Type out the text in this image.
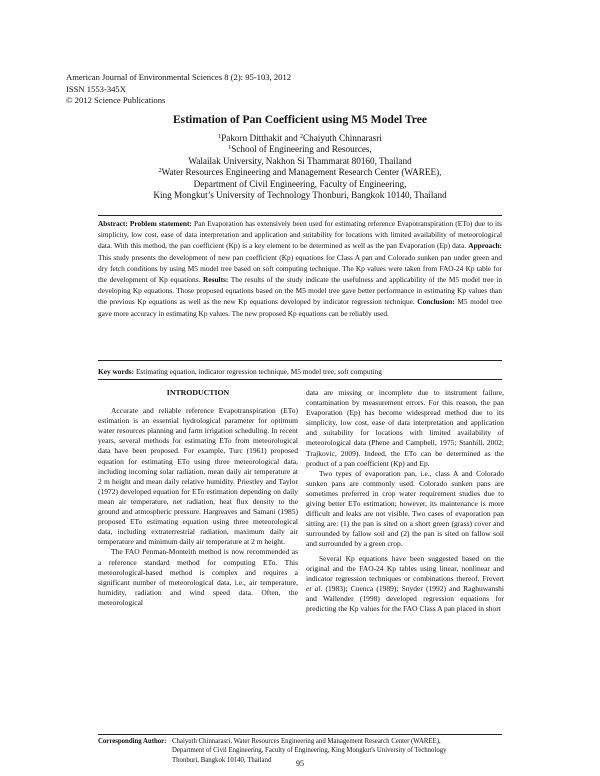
American Journal of Environmental Sciences 8 (2): 95-103, 2012
ISSN 1553-345X
© 2012 Science Publications
Estimation of Pan Coefficient using M5 Model Tree
$^1$Pakorn Ditthakit and $^2$Chaiyuth Chinnarasri
$^1$School of Engineering and Resources,
Walailak University, Nakhon Si Thammarat 80160, Thailand
$^2$Water Resources Engineering and Management Research Center (WAREE),
Department of Civil Engineering, Faculty of Engineering,
King Mongkut’s University of Technology Thonburi, Bangkok 10140, Thailand

Abstract: Problem statement: Pan Evaporation has extensively been used for estimating reference Evapotranspiration (ETo) due to its simplicity, low cost, ease of data interpretation and application and suitability for locations with limited availability of meteorological data. With this method, the pan coefficient (Kp) is a key element to be determined as well as the pan Evaporation (Ep) data. Approach: This study presents the development of new pan coefficient (Kp) equations for Class A pan and Colorado sunken pan under green and dry fetch conditions by using M5 model tree based on soft computing technique. The Kp values were taken from FAO-24 Kp table for the development of Kp equations. Results: The results of the study indicate the usefulness and applicability of the M5 model tree in developing Kp equations. Those proposed equations based on the M5 model tree gave better performance in estimating Kp values than the previous Kp equations as well as the new Kp equations developed by indicator regression technique. Conclusion: M5 model tree gave more accuracy in estimating Kp values. The new proposed Kp equations can be reliably used.

Key words: Estimating equation, indicator regression technique, M5 model tree, soft computing
INTRODUCTION

Accurate and reliable reference Evapotranspiration (ETo) estimation is an essential hydrological parameter for optimum water resources planning and farm irrigation scheduling. In recent years, several methods for estimating ETo from meteorological data have been proposed. For example, Turc (1961) proposed equation for estimating ETo using three meteorological data, including incoming solar radiation, mean daily air temperature at 2 m height and mean daily relative humidity. Priestley and Taylor (1972) developed equation for ETo estimation depending on daily mean air temperature, net radiation, heat flux density to the ground and atmospheric pressure. Hargreaves and Samani (1985) proposed ETo estimating equation using three meteorological data, including extraterrestrial radiation, maximum daily air temperature and minimum daily air temperature at 2 m height.

The FAO Penman-Monteith method is now recommended as a reference standard method for computing ETo. This meteorological-based method is complex and requires a significant number of meteorological data, i.e., air temperature, humidity, radiation and wind speed data. Often, the meteorological

data are missing or incomplete due to instrument failure, contamination by measurement errors. For this reason, the pan Evaporation (Ep) has become widespread method due to its simplicity, low cost, ease of data interpretation and application and suitability for locations with limited availability of meteorological data (Phene and Campbell, 1975; Stanhill, 2002; Trajkovic, 2009). Indeed, the ETo can be determined as the product of a pan coefficient (Kp) and Ep.

Two types of evaporation pan, i.e., class A and Colorado sunken pans are commonly used. Colorado sunken pans are sometimes preferred in crop water requirement studies due to giving better ETo estimation; however, its maintenance is more difficult and leaks are not visible. Two cases of evaporation pan sitting are: (1) the pan is sited on a short green (grass) cover and surrounded by fallow soil and (2) the pan is sited on fallow soil and surrounded by a green crop.

Several Kp equations have been suggested based on the original and the FAO-24 Kp tables using linear, nonlinear and indicator regression techniques or combinations thereof. Frevert et al. (1983); Cuenca (1989); Snyder (1992) and Raghuwanshi and Wallender (1998) developed regression equations for predicting the Kp values for the FAO Class A pan placed in short

Corresponding Author: Chaiyuth Chinnarasri, Water Resources Engineering and Management Research Center (WAREE),
Department of Civil Engineering, Faculty of Engineering, King Mongkut's University of Technology
Thonburi, Bangkok 10140, Thailand	95
